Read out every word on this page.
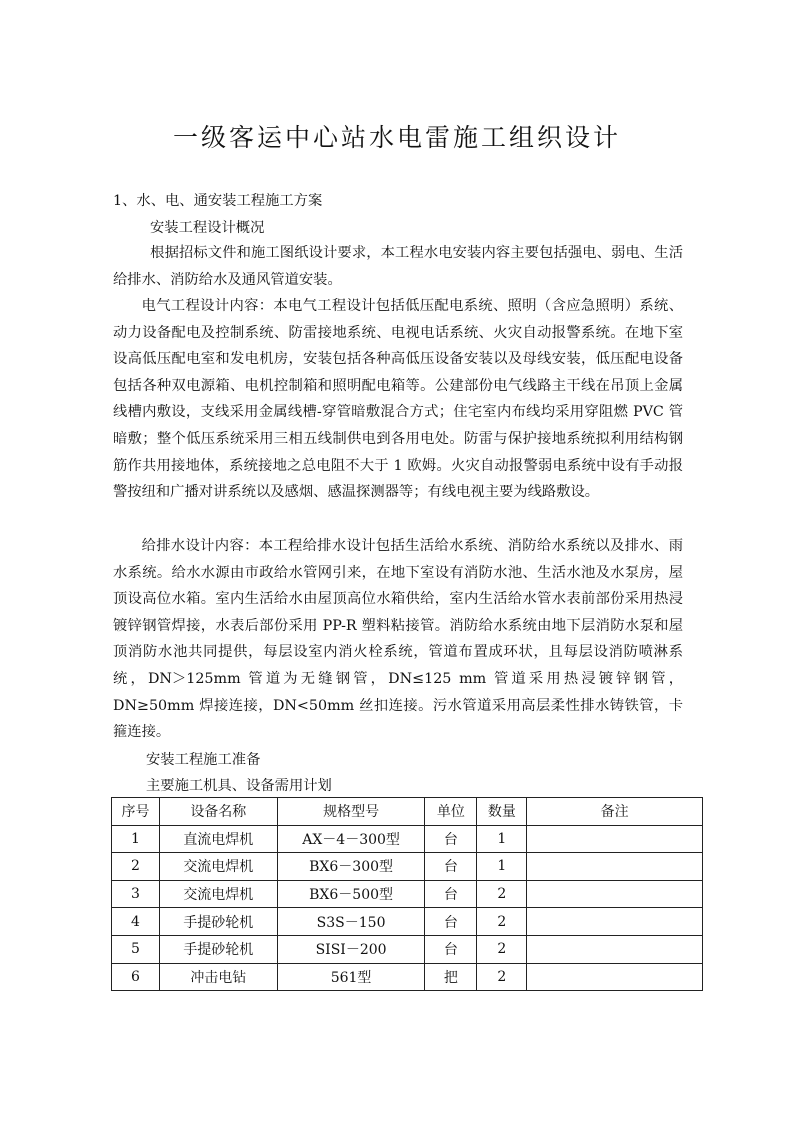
一级客运中心站水电雷施工组织设计
1、水、电、通安装工程施工方案
安装工程设计概况

根据招标文件和施工图纸设计要求，本工程水电安装内容主要包括强电、弱电、生活给排水、消防给水及通风管道安装。

电气工程设计内容：本电气工程设计包括低压配电系统、照明（含应急照明）系统、动力设备配电及控制系统、防雷接地系统、电视电话系统、火灾自动报警系统。在地下室设高低压配电室和发电机房，安装包括各种高低压设备安装以及母线安装，低压配电设备包括各种双电源箱、电机控制箱和照明配电箱等。公建部份电气线路主干线在吊顶上金属线槽内敷设，支线采用金属线槽-穿管暗敷混合方式；住宅室内布线均采用穿阻燃 PVC 管暗敷；整个低压系统采用三相五线制供电到各用电处。防雷与保护接地系统拟利用结构钢筋作共用接地体，系统接地之总电阻不大于 1 欧姆。火灾自动报警弱电系统中设有手动报警按纽和广播对讲系统以及感烟、感温探测器等；有线电视主要为线路敷设。

给排水设计内容：本工程给排水设计包括生活给水系统、消防给水系统以及排水、雨水系统。给水水源由市政给水管网引来，在地下室设有消防水池、生活水池及水泵房，屋顶设高位水箱。室内生活给水由屋顶高位水箱供给，室内生活给水管水表前部份采用热浸镀锌钢管焊接，水表后部份采用 PP-R 塑料粘接管。消防给水系统由地下层消防水泵和屋顶消防水池共同提供，每层设室内消火栓系统，管道布置成环状，且每层设消防喷淋系统，DN＞125mm 管道为无缝钢管，DN≤125 mm 管道采用热浸镀锌钢管，DN≥50mm 焊接连接，DN<50mm 丝扣连接。污水管道采用高层柔性排水铸铁管，卡箍连接。

安装工程施工准备
主要施工机具、设备需用计划
序号	设备名称	规格型号	单位	数量	备注
1	直流电焊机	AX－4－300型	台	1	
2	交流电焊机	BX6－300型	台	1	
3	交流电焊机	BX6－500型	台	2	
4	手提砂轮机	S3S－150	台	2	
5	手提砂轮机	SISI－200	台	2	
6	冲击电钻	561型	把	2	
